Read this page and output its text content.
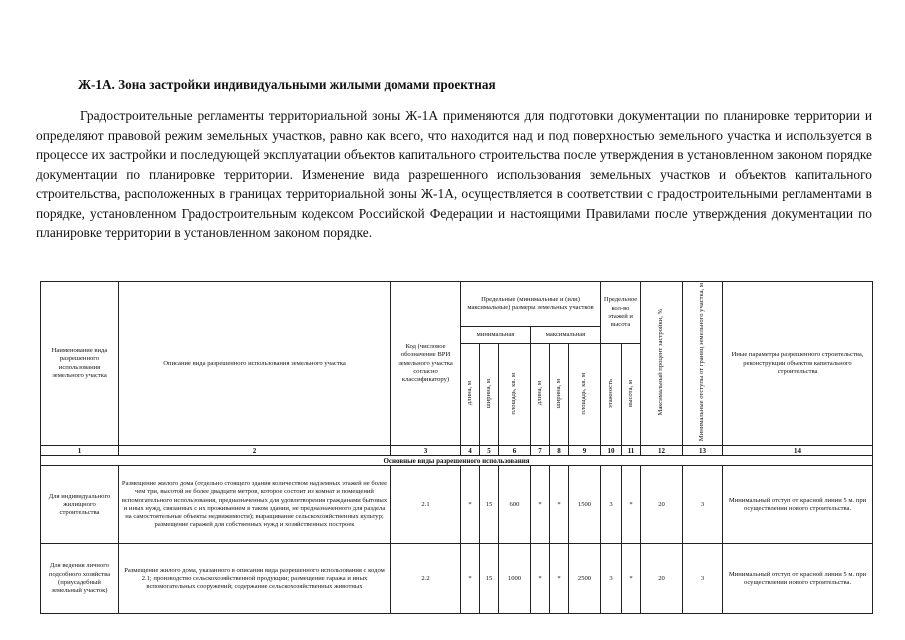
Ж-1А. Зона застройки индивидуальными жилыми домами проектная

Градостроительные регламенты территориальной зоны Ж-1А применяются для подготовки документации по планировке территории и определяют правовой режим земельных участков, равно как всего, что находится над и под поверхностью земельного участка и используется в процессе их застройки и последующей эксплуатации объектов капитального строительства после утверждения в установленном законом порядке документации по планировке территории. Изменение вида разрешенного использования земельных участков и объектов капитального строительства, расположенных в границах территориальной зоны Ж-1А, осуществляется в соответствии с градостроительными регламентами в порядке, установленном Градостроительным кодексом Российской Федерации и настоящими Правилами после утверждения документации по планировке территории в установленном законом порядке.

Наименование вида разрешенного использования земельного участка	Описание вида разрешенного использования земельного участка	Код (числовое обозначение ВРИ земельного участка согласно классификатору)	Предельные (минимальные и (или) максимальные) размеры земельных участков						Предельное кол-во этажей и высота		Максимальный процент застройки, %	Минимальные отступы от границ земельного участка, м	Иные параметры разрешенного строительства, реконструкции объектов капитального строительства
			минимальная			максимальная							
			длина, м	ширина, м	площадь, кв. м	длина, м	ширина, м	площадь, кв. м	этажность	высота, м			
1	2	3	4	5	6	7	8	9	10	11	12	13	14
Основные виды разрешенного использования													
Для индивидуального жилищного строительства	Размещение жилого дома (отдельно стоящего здания количеством надземных этажей не более чем три, высотой не более двадцати метров, которое состоит из комнат и помещений вспомогательного использования, предназначенных для удовлетворения гражданами бытовых и иных нужд, связанных с их проживанием в таком здании, не предназначенного для раздела на самостоятельные объекты недвижимости); выращивание сельскохозяйственных культур; размещение гаражей для собственных нужд и хозяйственных построек	2.1	*	15	600	*	*	1500	3	*	20	3	Минимальный отступ от красной линии 5 м. при осуществлении нового строительства.
Для ведения личного подсобного хозяйства (приусадебный земельный участок)	Размещение жилого дома, указанного в описании вида разрешенного использования с кодом 2.1; производство сельскохозяйственной продукции; размещение гаража и иных вспомогательных сооружений; содержание сельскохозяйственных животных	2.2	*	15	1000	*	*	2500	3	*	20	3	Минимальный отступ от красной линии 5 м. при осуществлении нового строительства.
